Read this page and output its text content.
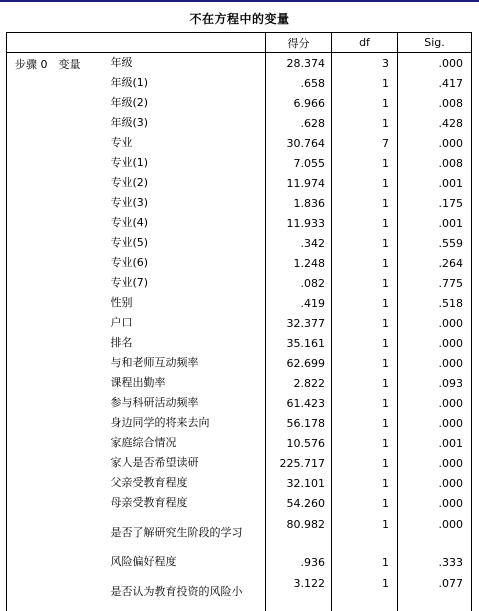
不在方程中的变量
			得分	df	Sig.
步骤 0	变量	年级	28.374	3	.000
		年级(1)	.658	1	.417
		年级(2)	6.966	1	.008
		年级(3)	.628	1	.428
		专业	30.764	7	.000
		专业(1)	7.055	1	.008
		专业(2)	11.974	1	.001
		专业(3)	1.836	1	.175
		专业(4)	11.933	1	.001
		专业(5)	.342	1	.559
		专业(6)	1.248	1	.264
		专业(7)	.082	1	.775
		性别	.419	1	.518
		户口	32.377	1	.000
		排名	35.161	1	.000
		与和老师互动频率	62.699	1	.000
		课程出勤率	2.822	1	.093
		参与科研活动频率	61.423	1	.000
		身边同学的将来去向	56.178	1	.000
		家庭综合情况	10.576	1	.001
		家人是否希望读研	225.717	1	.000
		父亲受教育程度	32.101	1	.000
		母亲受教育程度	54.260	1	.000
		是否了解研究生阶段的学习	80.982	1	.000
		风险偏好程度	.936	1	.333
		是否认为教育投资的风险小	3.122	1	.077
